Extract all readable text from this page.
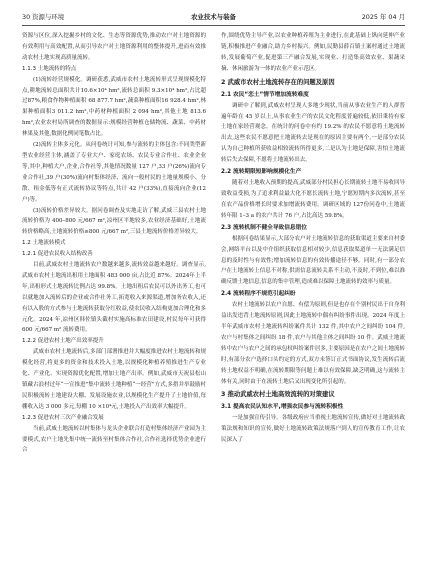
30 资源与环境	农业技术与装备	2025 年 04 月

资源与区位,深入挖掘乡村的文化、生态等资源优势,推动农户对土地资源的有效利用与高效配置,从而引导农户对土地资源利用的整体提升,进而有效推动农村土地实现高质量流转。

1.1.3 土地流转的特点

(1)流转经营规模化。调研获悉,武威市农村土地流转形式呈现规模化特点,耕地流转总面积共计10.6×10⁴ hm²,流转总面积 9.3×10⁴ hm²,占比超过87%,粮食作物种植面积 68 877.7 hm²,蔬菜种植面积16 928.4 hm²,林果种植面积3 011.2 hm²,中药材种植面积 2 094 hm²,其他土地 813.6 hm²,农业农村局所调查的数据显示:规模经营种植仓储物流、蔬菜、中药材林果及其他,数据化例同笔数占比。

(2)流转主体多元化。从问卷统计可知,参与流转的主体包含:不同类型新型农业经营主体,涵盖了专业大户、家庭农场、农民专业合作社、农业企业等,其中,种植大户,企业,合作社等,其他情况数量 127 户,33 户(26%)流向专业合作社,39 户(30%)流向村集体经济、流向一般村民的土地量规模小、分散、租金低等有正式流转协议等特点,共计 42 户(33%),直接流向企业(12 户)等。

(3)流转价格差异较大。据问卷调查及实地走访了解,武威三县农村土地流转价格为 400–800 元/667 m²,凉州区平地较多,农业经济基础好,土地流转价格略高,土地流转价格≥800 元/667 m²,三县土地流转价格差异较大。

1.2 土地流转模式
1.2.1 促进农民收入结构改善

目前,武威农村土地流转农户数越来越多,流转效益越来越好。调查显示,武威市农村土地流出租用土地面积 483 000 亩,占比近 87%。2024年上半年,出租形式土地流转比例占达 99.8%。土地出租后农民可以外出务工,也可以就地加入流转后的企业或合作社务工,拓宽收入来源渠道,增加务农收入,还有以入股的方式参与土地流转获取分红收益,使农民收入结构更加合理化和多元化。2024 年,凉州区韩佐镇头截村实施高标准农田建设,村民每年可获得 600 元/667 m² 流转费用。

1.2.2 促进农村土地产出效率提升

武威市农村土地流转后,多部门部署推进并大幅度推进农村土地流转和规模化经营,将更多的资金和技术投入土地,以规模化种植养殖推进生产专业化、产业化、实现资源优化配置,增加土地产出率。例如,武威市天祝县松山镇藏古浪村过年“一宣推进”集中流转土地种植“一经营”方式,多措并举鼓励村民积极流转土地建设大棚、发展设施农业,以规模化生产提升了土地价值,每棚收入达 3 000 多元,每棚 10 ×10⁴元,土地投入产出效率大幅提升。

1.2.3 促进农村三次产业融合发展

当前,武威土地流转以村集体与龙头企业联合打造村集体经济产业园为主要模式,农户土地先集中统一流转至村集体合作社,合作社选择优势企业进行合

作,围绕优势主导产业,以农业种植养殖为主业进行,在此基础上纵向延伸产业链,积极推进产业融合,助力乡村振兴。例如,民勤县薛百镇土案村通过土地流转,发展葡萄产业,促进第三产融合发展,实现业、打造集高效农业、果蔬采摘、休闲旅游为一体的农业产业示范区。

2 武威市农村土地流转存在的问题及原因
2.1 农民“恋土”情节增加流转难度

调研中了解到,武威农村呈现人多地少现状,当前从事农业生产的人群普遍年龄在 45 岁以上,从事农业生产的农民文化程度普遍较低,依旧秉持有家土地在家经营观念。在统计的问卷中有约 19.2% 的农民不愿意将土地流转出去,这些农民不愿意把土地流转去是现在的原因主要有两个,一是部分农民认为自己种植所获收益相较流转所得更多,二是认为土地是保障,害怕土地流转后失去保障,不愿将土地流转出去。

2.2 流转期限短影响规模化生产

随着对土地收入预期的提高,武威部分村民担心长期流转土地不易收回导致收益受损,为了追求利益最大化不愿长流转土地,宁愿短期内多次流转,甚至在农产品价格增长时要求加增流转费用。调研区域的 127份问卷中,土地流转年限 1–3 a 的农户共计 76 户,占比高达 59.8%。

2.3 流转机制不健全导致信息错位

根据问卷结果显示,大部分农户对土地流转信息的获取渠道主要来自村委会,网络平台以及中介组织获取信息相对较少,信息获取渠道单一无法满足信息的及时性与有效性;增加流转信息的有效传播途径不够。同时,有一部分农户在土地流转上信息不对称,供需信息流转关系不主动,不及时,不到位,难以准确反馈土地信息,信息的集中管理,造成难以保障土地流转的效率与质量。

2.4 流转程序不规范引起纠纷

农村土地流转以农户自愿、有偿为原则,但是也存在个别村民出于自身利益出发违背土地流转原则,因此土地流转中偶有纠纷事件出现。2024 年度上半年武威市农村土地流转纠纷案件共计 132 件,其中农户之间纠纷 104 件,农户与村集体之间纠纷 18 件,农户与其他主体之间纠纷 10 件。武威土地流转中农户与农户之间的承包权纠纷案件居多,主要原因是在农户之间土地流转时,有部分农户选择口头约定的方式,双方未签订正式书面协议,发生流转后流转土地权益不明确,在流转期限等问题上难以有效保障,缺乏明确,这与流转主体有关,同时由于在流转土地后又出现变化所引起的。

3 推动武威农村土地高效流转的对策建议
3.1 提高农民认知水平,增强农民参与流转积极性

一是加强宣传引导。各级政府应当重视土地流转宣传,做好对土地流转政策法规和知识的宣传,做好土地流转政策法规落户到人的宣传教育工作,让农民深入了
